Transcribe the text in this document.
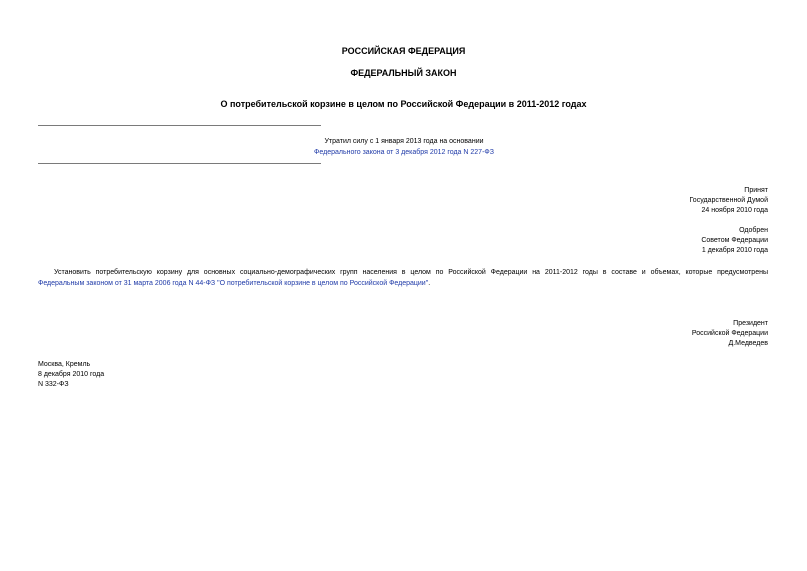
РОССИЙСКАЯ ФЕДЕРАЦИЯ
ФЕДЕРАЛЬНЫЙ ЗАКОН
О потребительской корзине в целом по Российской Федерации в 2011-2012 годах
Утратил силу с 1 января 2013 года на основании
Федерального закона от 3 декабря 2012 года N 227-ФЗ
Принят
Государственной Думой
24 ноября 2010 года
Одобрен
Советом Федерации
1 декабря 2010 года
Установить потребительскую корзину для основных социально-демографических групп населения в целом по Российской Федерации на 2011-2012 годы в составе и объемах, которые предусмотрены
Федеральным законом от 31 марта 2006 года N 44-ФЗ "О потребительской корзине в целом по Российской Федерации".
Президент
Российской Федерации
Д.Медведев
Москва, Кремль
8 декабря 2010 года
N 332-ФЗ
